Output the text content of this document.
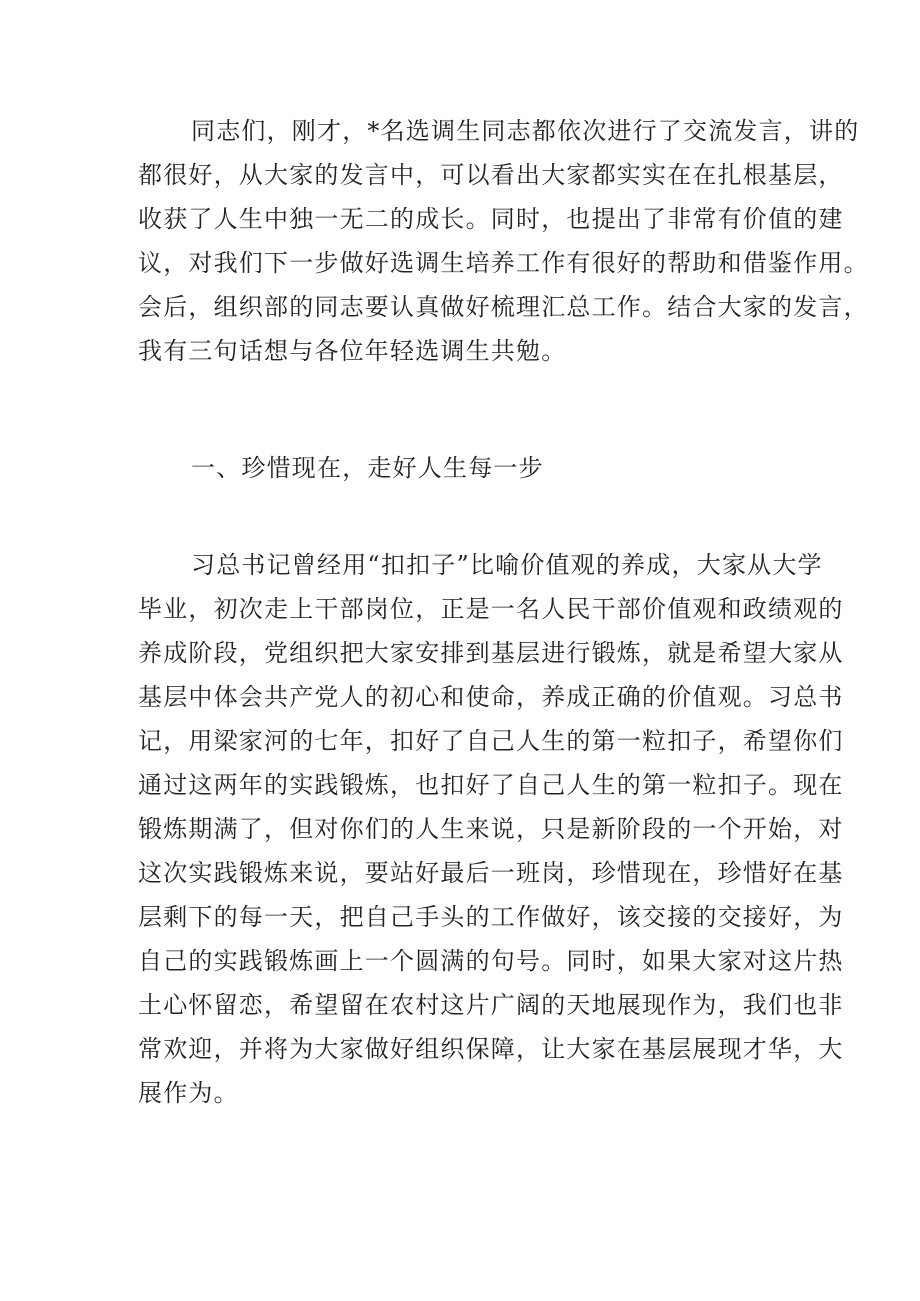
同志们，刚才，*名选调生同志都依次进行了交流发言，讲的
都很好，从大家的发言中，可以看出大家都实实在在扎根基层，
收获了人生中独一无二的成长。同时，也提出了非常有价值的建
议，对我们下一步做好选调生培养工作有很好的帮助和借鉴作用。
会后，组织部的同志要认真做好梳理汇总工作。结合大家的发言，
我有三句话想与各位年轻选调生共勉。
一、珍惜现在，走好人生每一步
习总书记曾经用“扣扣子”比喻价值观的养成，大家从大学
毕业，初次走上干部岗位，正是一名人民干部价值观和政绩观的
养成阶段，党组织把大家安排到基层进行锻炼，就是希望大家从
基层中体会共产党人的初心和使命，养成正确的价值观。习总书
记，用梁家河的七年，扣好了自己人生的第一粒扣子，希望你们
通过这两年的实践锻炼，也扣好了自己人生的第一粒扣子。现在
锻炼期满了，但对你们的人生来说，只是新阶段的一个开始，对
这次实践锻炼来说，要站好最后一班岗，珍惜现在，珍惜好在基
层剩下的每一天，把自己手头的工作做好，该交接的交接好，为
自己的实践锻炼画上一个圆满的句号。同时，如果大家对这片热
土心怀留恋，希望留在农村这片广阔的天地展现作为，我们也非
常欢迎，并将为大家做好组织保障，让大家在基层展现才华，大
展作为。
